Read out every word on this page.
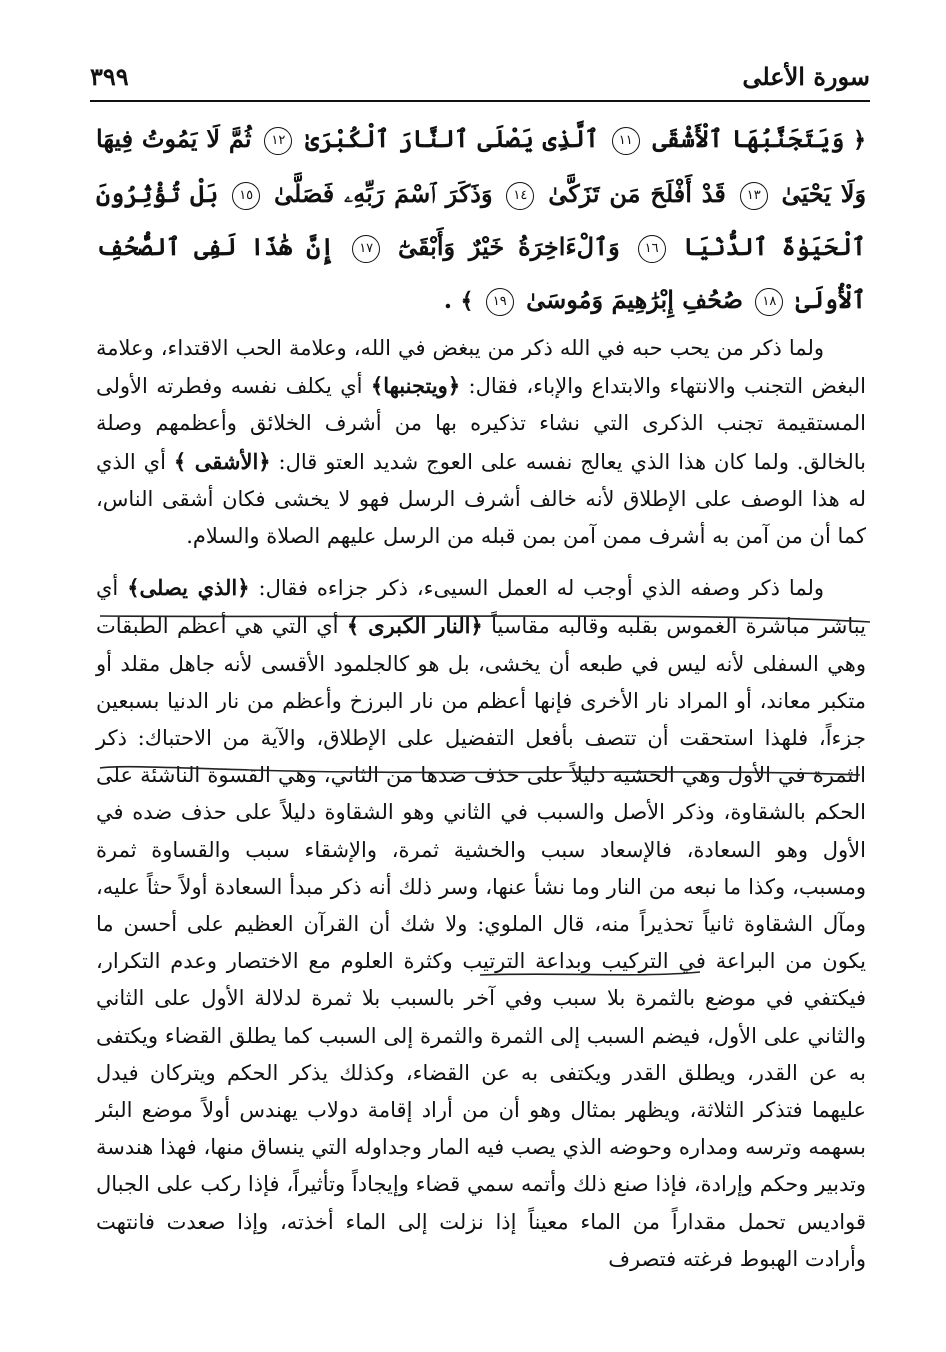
سورة الأعلى
٣٩٩
﴿ وَيَتَجَنَّبُهَا ٱلْأَشْقَى ١١ ٱلَّذِى يَصْلَى ٱلنَّارَ ٱلْكُبْرَىٰ ١٢ ثُمَّ لَا يَمُوتُ فِيهَا وَلَا يَحْيَىٰ ١٣ قَدْ أَفْلَحَ مَن تَزَكَّىٰ ١٤ وَذَكَرَ ٱسْمَ رَبِّهِۦ فَصَلَّىٰ ١٥ بَلْ تُؤْثِرُونَ ٱلْحَيَوٰةَ ٱلدُّنْيَا ١٦ وَٱلْءَاخِرَةُ خَيْرٌ وَأَبْقَىٰٓ ١٧ إِنَّ هَٰذَا لَفِى ٱلصُّحُفِ ٱلْأُولَىٰ ١٨ صُحُفِ إِبْرَٰهِيمَ وَمُوسَىٰ ١٩ ﴾ .

ولما ذكر من يحب حبه في الله ذكر من يبغض في الله، وعلامة الحب الاقتداء، وعلامة البغض التجنب والانتهاء والابتداع والإباء، فقال: ﴿ويتجنبها﴾ أي يكلف نفسه وفطرته الأولى المستقيمة تجنب الذكرى التي نشاء تذكيره بها من أشرف الخلائق وأعظمهم وصلة بالخالق. ولما كان هذا الذي يعالج نفسه على العوج شديد العتو قال: ﴿الأشقى ﴾ أي الذي له هذا الوصف على الإطلاق لأنه خالف أشرف الرسل فهو لا يخشى فكان أشقى الناس، كما أن من آمن به أشرف ممن آمن بمن قبله من الرسل عليهم الصلاة والسلام.

ولما ذكر وصفه الذي أوجب له العمل السيىء، ذكر جزاءه فقال: ﴿الذي يصلى﴾ أي يباشر مباشرة الغموس بقلبه وقالبه مقاسياً ﴿النار الكبرى ﴾ أي التي هي أعظم الطبقات وهي السفلى لأنه ليس في طبعه أن يخشى، بل هو كالجلمود الأقسى لأنه جاهل مقلد أو متكبر معاند، أو المراد نار الأخرى فإنها أعظم من نار البرزخ وأعظم من نار الدنيا بسبعين جزءاً، فلهذا استحقت أن تتصف بأفعل التفضيل على الإطلاق، والآية من الاحتباك: ذكر الثمرة في الأول وهي الخشية دليلاً على حذف ضدها من الثاني، وهي القسوة الناشئة على الحكم بالشقاوة، وذكر الأصل والسبب في الثاني وهو الشقاوة دليلاً على حذف ضده في الأول وهو السعادة، فالإسعاد سبب والخشية ثمرة، والإشقاء سبب والقساوة ثمرة ومسبب، وكذا ما نبعه من النار وما نشأ عنها، وسر ذلك أنه ذكر مبدأ السعادة أولاً حثاً عليه، ومآل الشقاوة ثانياً تحذيراً منه، قال الملوي: ولا شك أن القرآن العظيم على أحسن ما يكون من البراعة في التركيب وبداعة الترتيب وكثرة العلوم مع الاختصار وعدم التكرار، فيكتفي في موضع بالثمرة بلا سبب وفي آخر بالسبب بلا ثمرة لدلالة الأول على الثاني والثاني على الأول، فيضم السبب إلى الثمرة والثمرة إلى السبب كما يطلق القضاء ويكتفى به عن القدر، ويطلق القدر ويكتفى به عن القضاء، وكذلك يذكر الحكم ويتركان فيدل عليهما فتذكر الثلاثة، ويظهر بمثال وهو أن من أراد إقامة دولاب يهندس أولاً موضع البئر بسهمه وترسه ومداره وحوضه الذي يصب فيه المار وجداوله التي ينساق منها، فهذا هندسة وتدبير وحكم وإرادة، فإذا صنع ذلك وأتمه سمي قضاء وإيجاداً وتأثيراً، فإذا ركب على الجبال قواديس تحمل مقداراً من الماء معيناً إذا نزلت إلى الماء أخذته، وإذا صعدت فانتهت وأرادت الهبوط فرغته فتصرف
